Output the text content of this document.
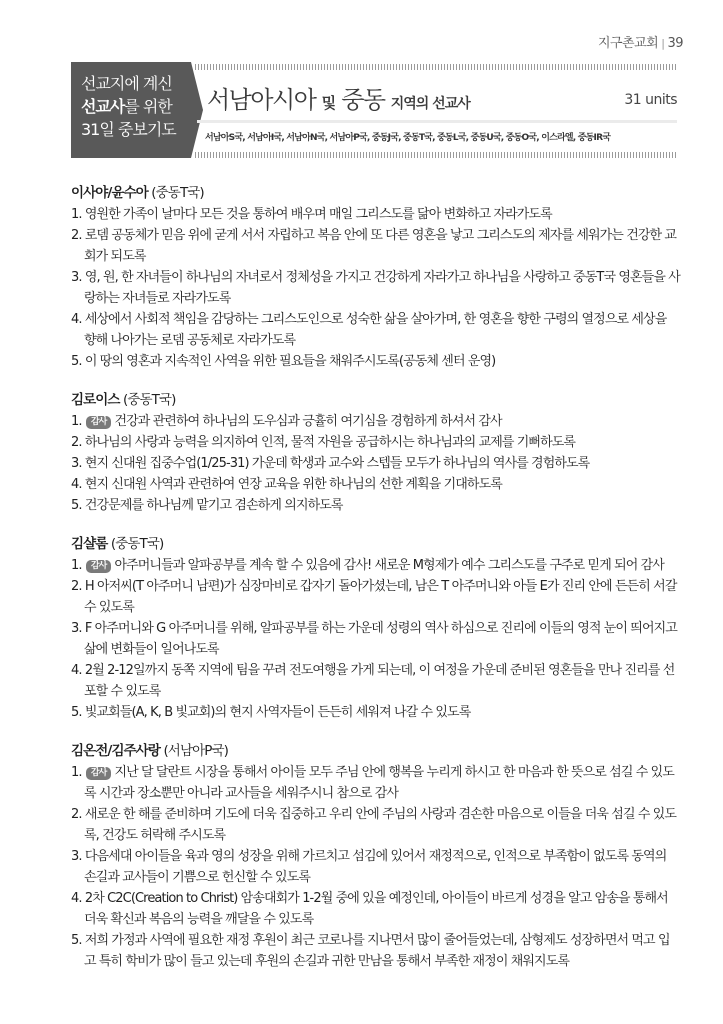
지구촌교회 | 39
선교지에 계신
선교사를 위한
31일 중보기도
서남아시아 및 중동 지역의 선교사	31 units
서남아S국, 서남아I국, 서남아N국, 서남아P국, 중동J국, 중동T국, 중동L국, 중동U국, 중동O국, 이스라엘, 중동IR국
이사야/윤수아 (중동T국)
1. 영원한 가족이 날마다 모든 것을 통하여 배우며 매일 그리스도를 닮아 변화하고 자라가도록
2. 로뎀 공동체가 믿음 위에 굳게 서서 자립하고 복음 안에 또 다른 영혼을 낳고 그리스도의 제자를 세워가는 건강한 교회가 되도록
3. 영, 원, 한 자녀들이 하나님의 자녀로서 정체성을 가지고 건강하게 자라가고 하나님을 사랑하고 중동T국 영혼들을 사랑하는 자녀들로 자라가도록
4. 세상에서 사회적 책임을 감당하는 그리스도인으로 성숙한 삶을 살아가며, 한 영혼을 향한 구령의 열정으로 세상을 향해 나아가는 로뎀 공동체로 자라가도록
5. 이 땅의 영혼과 지속적인 사역을 위한 필요들을 채워주시도록(공동체 센터 운영)
김로이스 (중동T국)
1. 감사 건강과 관련하여 하나님의 도우심과 긍휼히 여기심을 경험하게 하셔서 감사
2. 하나님의 사랑과 능력을 의지하여 인적, 물적 자원을 공급하시는 하나님과의 교제를 기뻐하도록
3. 현지 신대원 집중수업(1/25-31) 가운데 학생과 교수와 스텝들 모두가 하나님의 역사를 경험하도록
4. 현지 신대원 사역과 관련하여 연장 교육을 위한 하나님의 선한 계획을 기대하도록
5. 건강문제를 하나님께 맡기고 겸손하게 의지하도록
김샬롬 (중동T국)
1. 감사 아주머니들과 알파공부를 계속 할 수 있음에 감사! 새로운 M형제가 예수 그리스도를 구주로 믿게 되어 감사
2. H 아저씨(T 아주머니 남편)가 심장마비로 갑자기 돌아가셨는데, 남은 T 아주머니와 아들 E가 진리 안에 든든히 서갈 수 있도록
3. F 아주머니와 G 아주머니를 위해, 알파공부를 하는 가운데 성령의 역사 하심으로 진리에 이들의 영적 눈이 띄어지고 삶에 변화들이 일어나도록
4. 2월 2-12일까지 동쪽 지역에 팀을 꾸려 전도여행을 가게 되는데, 이 여정을 가운데 준비된 영혼들을 만나 진리를 선포할 수 있도록
5. 빛교회들(A, K, B 빛교회)의 현지 사역자들이 든든히 세워져 나갈 수 있도록
김온전/김주사랑 (서남아P국)
1. 감사 지난 달 달란트 시장을 통해서 아이들 모두 주님 안에 행복을 누리게 하시고 한 마음과 한 뜻으로 섬길 수 있도록 시간과 장소뿐만 아니라 교사들을 세워주시니 참으로 감사
2. 새로운 한 해를 준비하며 기도에 더욱 집중하고 우리 안에 주님의 사랑과 겸손한 마음으로 이들을 더욱 섬길 수 있도록, 건강도 허락해 주시도록
3. 다음세대 아이들을 육과 영의 성장을 위해 가르치고 섬김에 있어서 재정적으로, 인적으로 부족함이 없도록 동역의 손길과 교사들이 기쁨으로 헌신할 수 있도록
4. 2차 C2C(Creation to Christ) 암송대회가 1-2월 중에 있을 예정인데, 아이들이 바르게 성경을 알고 암송을 통해서 더욱 확신과 복음의 능력을 깨달을 수 있도록
5. 저희 가정과 사역에 필요한 재정 후원이 최근 코로나를 지나면서 많이 줄어들었는데, 삼형제도 성장하면서 먹고 입고 특히 학비가 많이 들고 있는데 후원의 손길과 귀한 만남을 통해서 부족한 재정이 채워지도록
